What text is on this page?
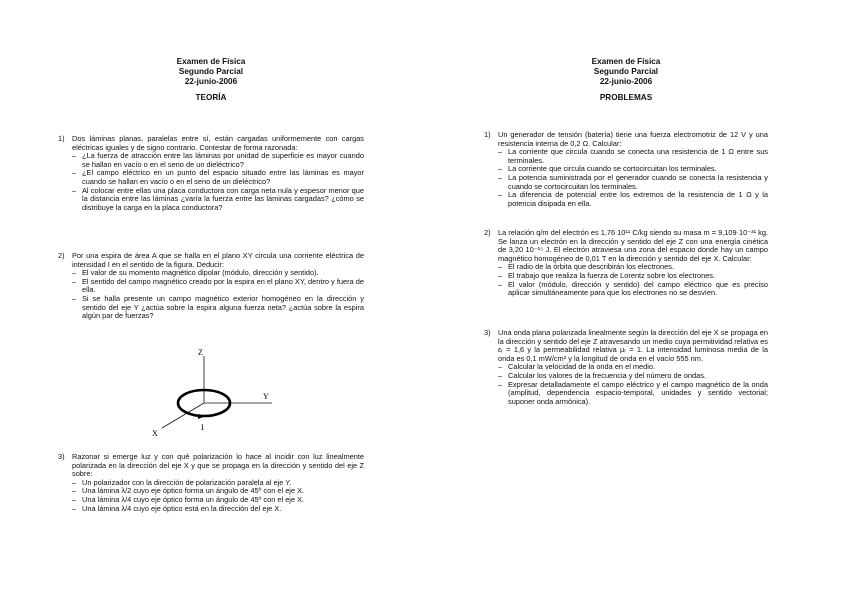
Examen de Física
Segundo Parcial
22-junio-2006
TEORÍA
1)	Dos láminas planas, paralelas entre sí, están cargadas uniformemente con cargas eléctricas iguales y de signo contrario. Contestar de forma razonada:
– ¿La fuerza de atracción entre las láminas por unidad de superficie es mayor cuando se hallan en vacío o en el seno de un dieléctrico?
– ¿El campo eléctrico en un punto del espacio situado entre las láminas es mayor cuando se hallan en vacío o en el seno de un dieléctrico?
– Al colocar entre ellas una placa conductora con carga neta nula y espesor menor que la distancia entre las láminas ¿varía la fuerza entre las láminas cargadas? ¿cómo se distribuye la carga en la placa conductora?
2)	Por una espira de área A que se halla en el plano XY circula una corriente eléctrica de intensidad I en el sentido de la figura. Deducir:
– El valor de su momento magnético dipolar (módulo, dirección y sentido).
– El sentido del campo magnético creado por la espira en el plano XY, dentro y fuera de ella.
– Si se halla presente un campo magnético exterior homogéneo en la dirección y sentido del eje Y ¿actúa sobre la espira alguna fuerza neta? ¿actúa sobre la espira algún par de fuerzas?
3)	Razonar si emerge luz y con qué polarización lo hace al incidir con luz linealmente polarizada en la dirección del eje X y que se propaga en la dirección y sentido del eje Z sobre:
– Un polarizador con la dirección de polarización paralela al eje Y.
– Una lámina λ/2 cuyo eje óptico forma un ángulo de 45º con el eje X.
– Una lámina λ/4 cuyo eje óptico forma un ángulo de 45º con el eje X.
– Una lámina λ/4 cuyo eje óptico está en la dirección del eje X.
Z
Y
X
I
Examen de Física
Segundo Parcial
22-junio-2006
PROBLEMAS
1)	Un generador de tensión (batería) tiene una fuerza electromotriz de 12 V y una resistencia interna de 0,2 Ω. Calcular:
– La corriente que circula cuando se conecta una resistencia de 1 Ω entre sus terminales.
– La corriente que circula cuando se cortocircuitan los terminales.
– La potencia suministrada por el generador cuando se conecta la resistencia y cuando se cortocircuitan los terminales.
– La diferencia de potencial entre los extremos de la resistencia de 1 Ω y la potencia disipada en ella.
2)	La relación q/m del electrón es 1,76 10¹¹ C/kg siendo su masa m = 9,109·10⁻³¹ kg. Se lanza un electrón en la dirección y sentido del eje Z con una energía cinética de 3,20 10⁻¹⁵ J. El electrón atraviesa una zona del espacio donde hay un campo magnético homogéneo de 0,01 T en la dirección y sentido del eje X. Calcular:
– El radio de la órbita que describirán los electrones.
– El trabajo que realiza la fuerza de Lorentz sobre los electrones.
– El valor (módulo, dirección y sentido) del campo eléctrico que es preciso aplicar simultáneamente para que los electrones no se desvíen.
3)	Una onda plana polarizada linealmente según la dirección del eje X se propaga en la dirección y sentido del eje Z atravesando un medio cuya permitividad relativa es εᵣ = 1,6 y la permeabilidad relativa μᵣ = 1. La intensidad luminosa media de la onda es 0,1 mW/cm² y la longitud de onda en el vacío 555 nm.
– Calcular la velocidad de la onda en el medio.
– Calcular los valores de la frecuencia y del número de ondas.
– Expresar detalladamente el campo eléctrico y el campo magnético de la onda (amplitud, dependencia espacio-temporal, unidades y sentido vectorial; suponer onda armónica).
